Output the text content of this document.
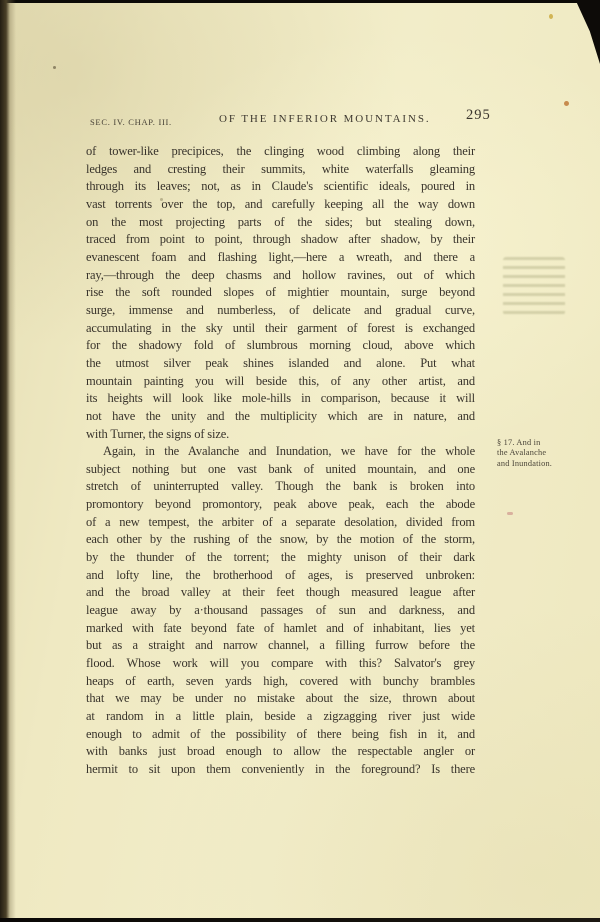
SEC. IV. CHAP. III.	OF THE INFERIOR MOUNTAINS. 295
of tower-like precipices, the clinging wood climbing along their
ledges and cresting their summits, white waterfalls gleaming
through its leaves; not, as in Claude's scientific ideals, poured in
vast torrents over the top, and carefully keeping all the way down
on the most projecting parts of the sides; but stealing down,
traced from point to point, through shadow after shadow, by their
evanescent foam and flashing light,—here a wreath, and there a
ray,—through the deep chasms and hollow ravines, out of which
rise the soft rounded slopes of mightier mountain, surge beyond
surge, immense and numberless, of delicate and gradual curve,
accumulating in the sky until their garment of forest is exchanged
for the shadowy fold of slumbrous morning cloud, above which
the utmost silver peak shines islanded and alone. Put what
mountain painting you will beside this, of any other artist, and
its heights will look like mole-hills in comparison, because it will
not have the unity and the multiplicity which are in nature, and
with Turner, the signs of size.
Again, in the Avalanche and Inundation, we have for the whole
subject nothing but one vast bank of united mountain, and one
stretch of uninterrupted valley. Though the bank is broken into
promontory beyond promontory, peak above peak, each the abode
of a new tempest, the arbiter of a separate desolation, divided from
each other by the rushing of the snow, by the motion of the storm,
by the thunder of the torrent; the mighty unison of their dark
and lofty line, the brotherhood of ages, is preserved unbroken:
and the broad valley at their feet though measured league after
league away by a·thousand passages of sun and darkness, and
marked with fate beyond fate of hamlet and of inhabitant, lies yet
but as a straight and narrow channel, a filling furrow before the
flood. Whose work will you compare with this? Salvator's grey
heaps of earth, seven yards high, covered with bunchy brambles
that we may be under no mistake about the size, thrown about
at random in a little plain, beside a zigzagging river just wide
enough to admit of the possibility of there being fish in it, and
with banks just broad enough to allow the respectable angler or
hermit to sit upon them conveniently in the foreground? Is there
§ 17. And in
the Avalanche
and Inundation.
